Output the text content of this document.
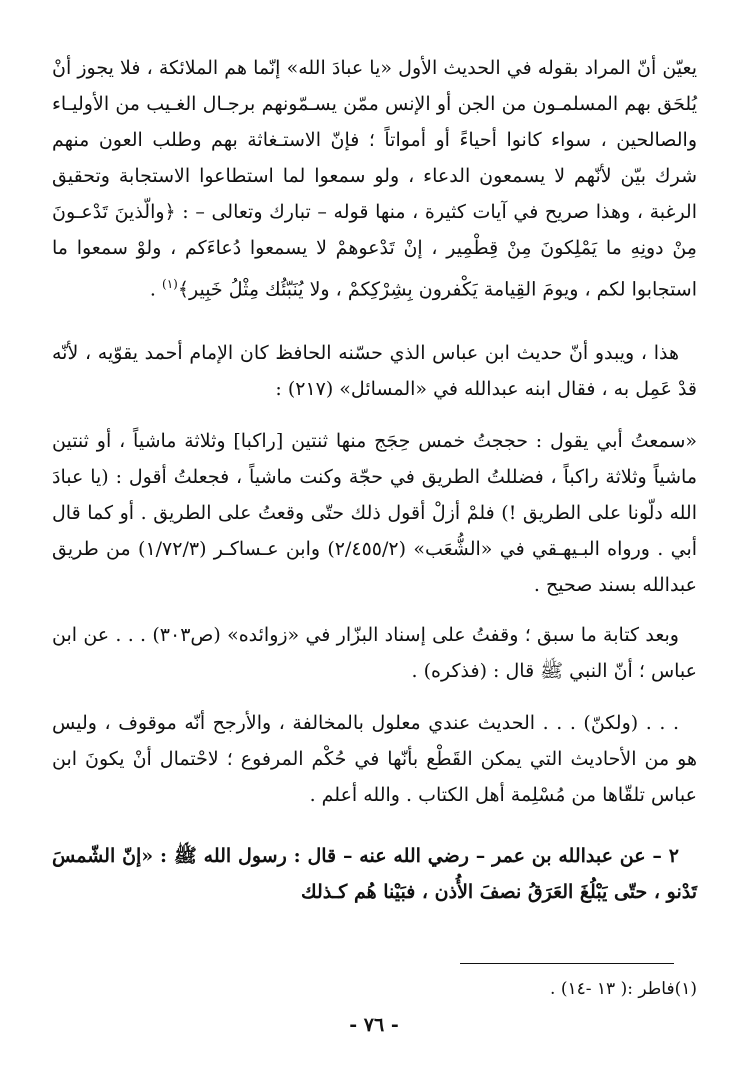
يعيّن أنّ المراد بقوله في الحديث الأول «يا عبادَ الله» إنّما هم الملائكة ، فلا يجوز أنْ يُلحَق بهم المسلمـون من الجن أو الإنس ممّن يسـمّونهم برجـال الغـيب من الأوليـاء والصالحين ، سواء كانوا أحياءً أو أمواتاً ؛ فإنّ الاستـغاثة بهم وطلب العون منهم شرك بيّن لأنّهم لا يسمعون الدعاء ، ولو سمعوا لما استطاعوا الاستجابة وتحقيق الرغبة ، وهذا صريح في آيات كثيرة ، منها قوله – تبارك وتعالى – : ﴿والّذينَ تَدْعـونَ مِنْ دونِهِ ما يَمْلِكونَ مِنْ قِطْمِير ، إنْ تَدْعوهمْ لا يسمعوا دُعاءَكم ، ولوْ سمعوا ما استجابوا لكم ، ويومَ القِيامة يَكْفرون بِشِرْكِكمْ ، ولا يُنَبّئُك مِثْلُ خَبِير﴾$^{(١)}$ .

هذا ، ويبدو أنّ حديث ابن عباس الذي حسّنه الحافظ كان الإمام أحمد يقوّيه ، لأنّه قدْ عَمِل به ، فقال ابنه عبدالله في «المسائل» (٢١٧) :

«سمعتُ أبي يقول : حججتُ خمس حِجَج منها ثنتين [راكبا] وثلاثة ماشياً ، أو ثنتين ماشياً وثلاثة راكباً ، فضللتُ الطريق في حجّة وكنت ماشياً ، فجعلتُ أقول : (يا عبادَ الله دلّونا على الطريق !) فلمْ أزلْ أقول ذلك حتّى وقعتُ على الطريق . أو كما قال أبي . ورواه البـيهـقي في «الشُّعَب» (٢/٤٥٥/٢) وابن عـساكـر (١/٧٢/٣) من طريق عبدالله بسند صحيح .

وبعد كتابة ما سبق ؛ وقفتُ على إسناد البزّار في «زوائده» (ص٣٠٣) . . . عن ابن عباس ؛ أنّ النبي ﷺ قال : (فذكره) .

. . . (ولكنّ) . . . الحديث عندي معلول بالمخالفة ، والأرجح أنّه موقوف ، وليس هو من الأحاديث التي يمكن القَطْع بأنّها في حُكْم المرفوع ؛ لاحْتمال أنْ يكونَ ابن عباس تلقّاها من مُسْلِمة أهل الكتاب . والله أعلم .

٢ – عن عبدالله بن عمر – رضي الله عنه – قال : رسول الله ﷺ : «إنّ الشّمسَ تَدْنو ، حتّى يَبْلُغَ العَرَقُ نصفَ الأُذن ، فبَيْنا هُم كـذلك

(١)فاطر :( ١٣ -١٤) .
- ٧٦ -
